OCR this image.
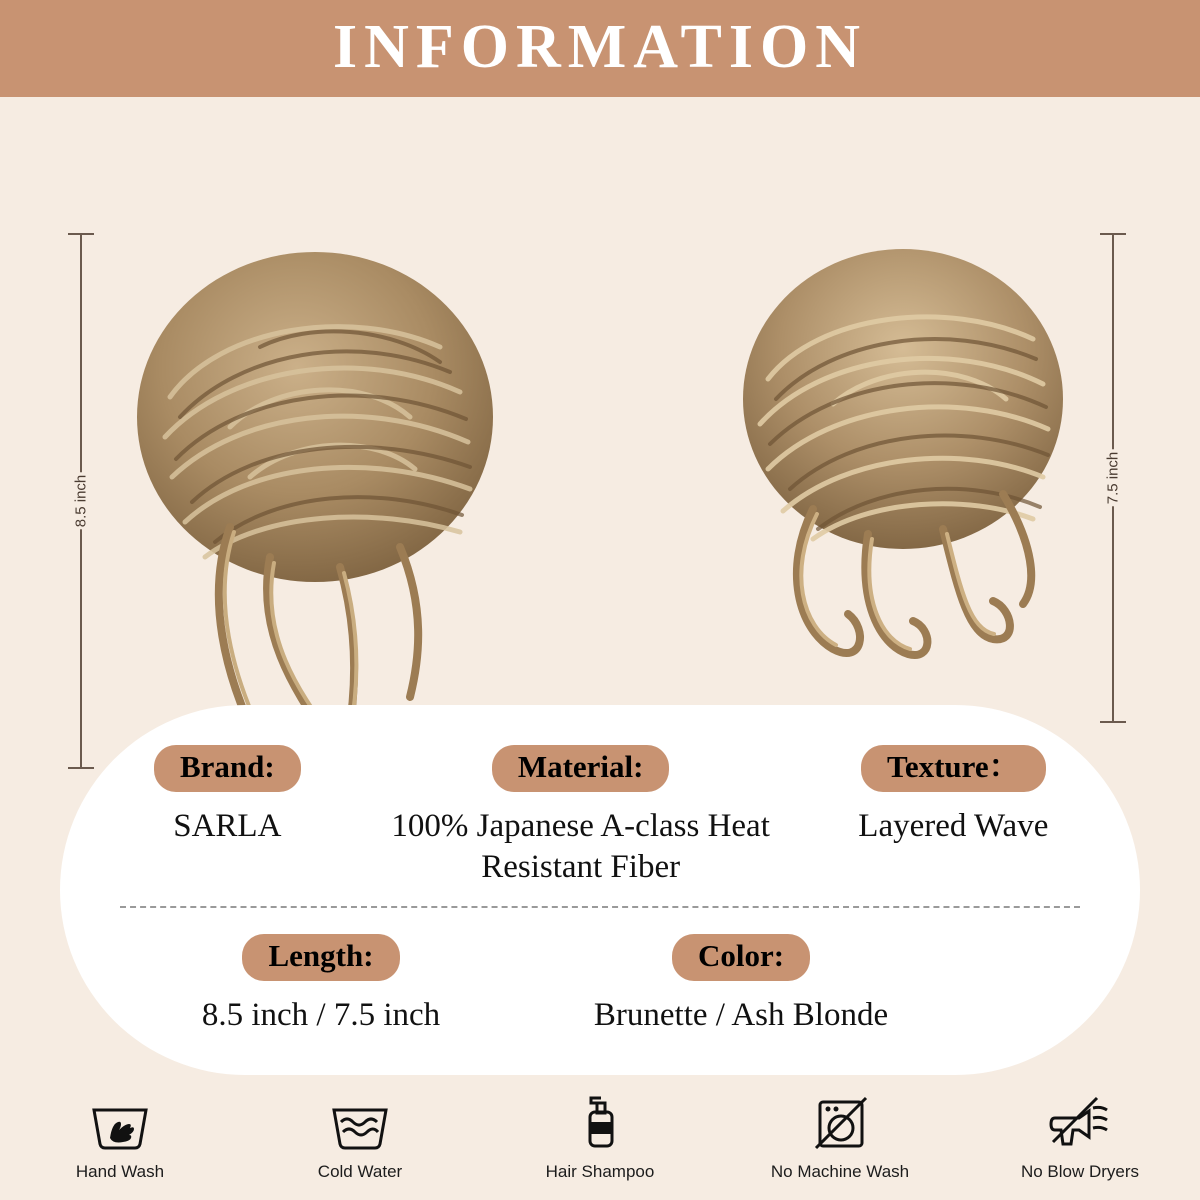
INFORMATION
8.5 inch	7.5 inch
Brand:
SARLA
Material:
100% Japanese A-class Heat Resistant Fiber
Texture：
Layered Wave
Length:
8.5 inch / 7.5 inch
Color:
Brunette / Ash Blonde
Hand Wash	Cold Water	Hair Shampoo	No Machine Wash	No Blow Dryers
